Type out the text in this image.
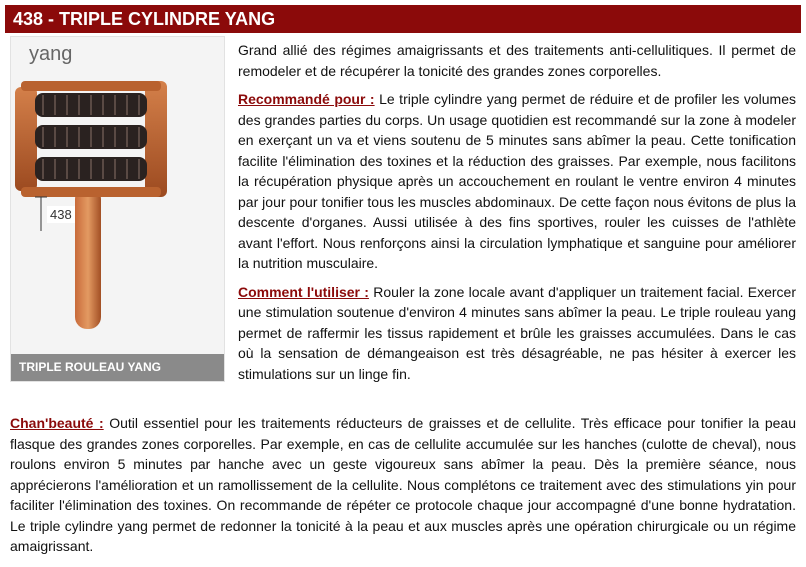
438 - TRIPLE CYLINDRE YANG
yang
438
TRIPLE ROULEAU YANG

Grand allié des régimes amaigrissants et des traitements anti-cellulitiques. Il permet de remodeler et de récupérer la tonicité des grandes zones corporelles.

Recommandé pour : Le triple cylindre yang permet de réduire et de profiler les volumes des grandes parties du corps. Un usage quotidien est recommandé sur la zone à modeler en exerçant un va et viens soutenu de 5 minutes sans abîmer la peau. Cette tonification facilite l'élimination des toxines et la réduction des graisses. Par exemple, nous facilitons la récupération physique après un accouchement en roulant le ventre environ 4 minutes par jour pour tonifier tous les muscles abdominaux. De cette façon nous évitons de plus la descente d'organes. Aussi utilisée à des fins sportives, rouler les cuisses de l'athlète avant l'effort. Nous renforçons ainsi la circulation lymphatique et sanguine pour améliorer la nutrition musculaire.

Comment l'utiliser : Rouler la zone locale avant d'appliquer un traitement facial. Exercer une stimulation soutenue d'environ 4 minutes sans abîmer la peau. Le triple rouleau yang permet de raffermir les tissus rapidement et brûle les graisses accumulées. Dans le cas où la sensation de démangeaison est très désagréable, ne pas hésiter à exercer les stimulations sur un linge fin.

Chan'beauté : Outil essentiel pour les traitements réducteurs de graisses et de cellulite. Très efficace pour tonifier la peau flasque des grandes zones corporelles. Par exemple, en cas de cellulite accumulée sur les hanches (culotte de cheval), nous roulons environ 5 minutes par hanche avec un geste vigoureux sans abîmer la peau. Dès la première séance, nous apprécierons l'amélioration et un ramollissement de la cellulite. Nous complétons ce traitement avec des stimulations yin pour faciliter l'élimination des toxines. On recommande de répéter ce protocole chaque jour accompagné d'une bonne hydratation. Le triple cylindre yang permet de redonner la tonicité à la peau et aux muscles après une opération chirurgicale ou un régime amaigrissant.
